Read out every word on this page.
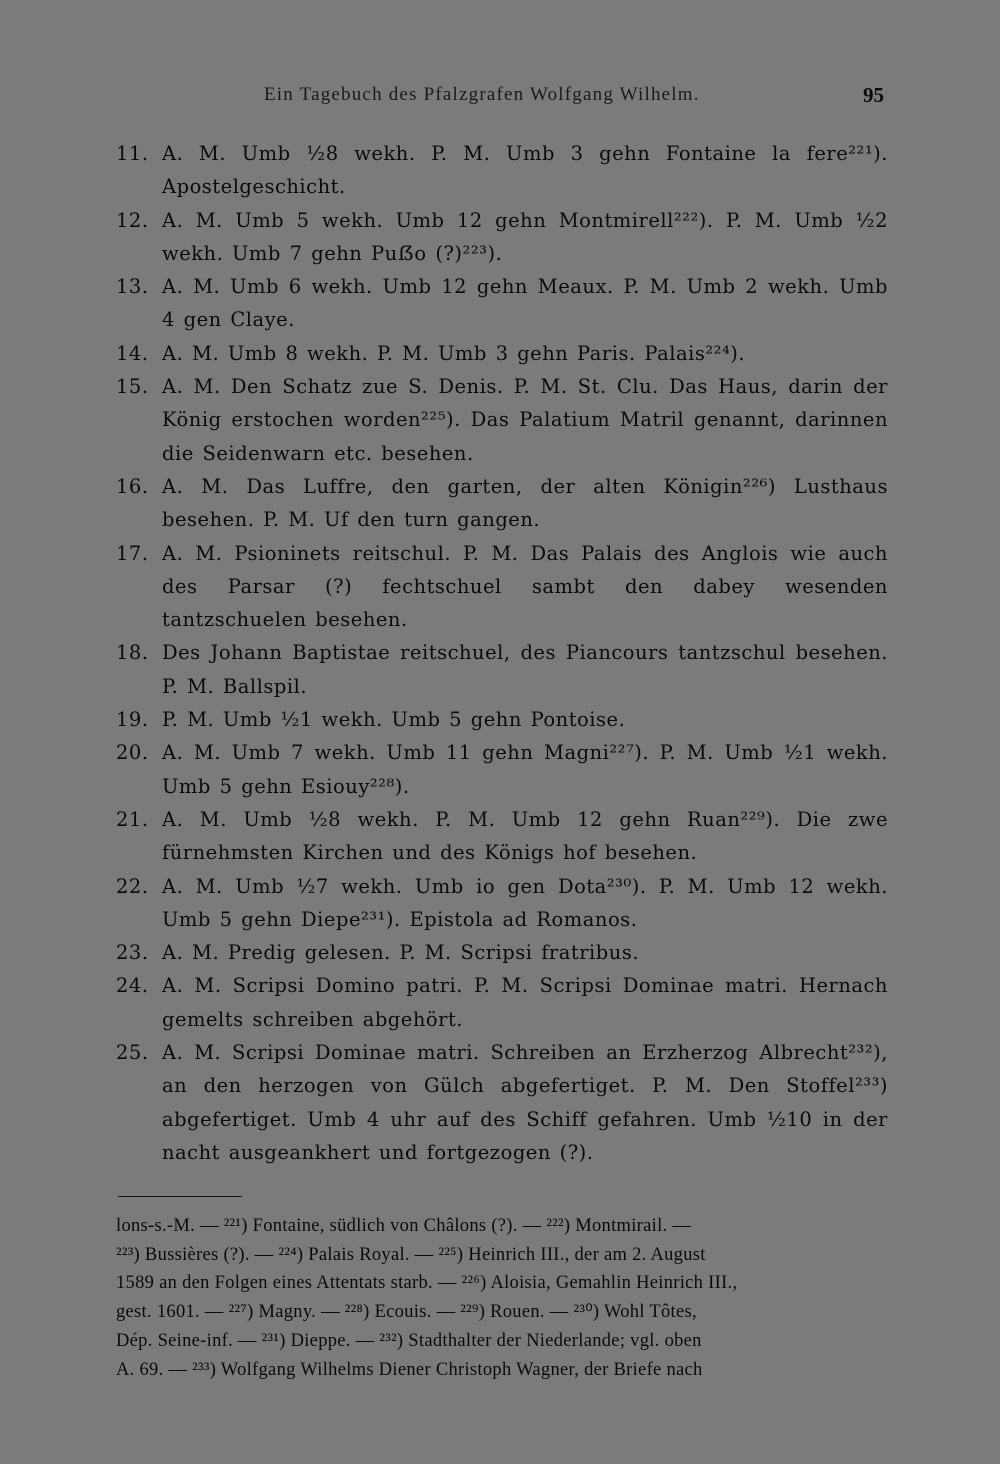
Ein Tagebuch des Pfalzgrafen Wolfgang Wilhelm.	95
11. A. M. Umb ½8 wekh. P. M. Umb 3 gehn Fontaine la fere²²¹). Apostelgeschicht.
12. A. M. Umb 5 wekh. Umb 12 gehn Montmirell²²²). P. M. Umb ½2 wekh. Umb 7 gehn Puẞo (?)²²³).
13. A. M. Umb 6 wekh. Umb 12 gehn Meaux. P. M. Umb 2 wekh. Umb 4 gen Claye.
14. A. M. Umb 8 wekh. P. M. Umb 3 gehn Paris. Palais²²⁴).
15. A. M. Den Schatz zue S. Denis. P. M. St. Clu. Das Haus, darin der König erstochen worden²²⁵). Das Palatium Matril genannt, darinnen die Seidenwarn etc. besehen.
16. A. M. Das Luffre, den garten, der alten Königin²²⁶) Lusthaus besehen. P. M. Uf den turn gangen.
17. A. M. Psioninets reitschul. P. M. Das Palais des Anglois wie auch des Parsar (?) fechtschuel sambt den dabey wesenden tantzschuelen besehen.
18. Des Johann Baptistae reitschuel, des Piancours tantzschul besehen. P. M. Ballspil.
19. P. M. Umb ½1 wekh. Umb 5 gehn Pontoise.
20. A. M. Umb 7 wekh. Umb 11 gehn Magni²²⁷). P. M. Umb ½1 wekh. Umb 5 gehn Esiouy²²⁸).
21. A. M. Umb ½8 wekh. P. M. Umb 12 gehn Ruan²²⁹). Die zwe fürnehmsten Kirchen und des Königs hof besehen.
22. A. M. Umb ½7 wekh. Umb io gen Dota²³⁰). P. M. Umb 12 wekh. Umb 5 gehn Diepe²³¹). Epistola ad Romanos.
23. A. M. Predig gelesen. P. M. Scripsi fratribus.
24. A. M. Scripsi Domino patri. P. M. Scripsi Dominae matri. Hernach gemelts schreiben abgehört.
25. A. M. Scripsi Dominae matri. Schreiben an Erzherzog Albrecht²³²), an den herzogen von Gülch abgefertiget. P. M. Den Stoffel²³³) abgefertiget. Umb 4 uhr auf des Schiff gefahren. Umb ½10 in der nacht ausgeankhert und fortgezogen (?).
lons-s.-M. — ²²¹) Fontaine, südlich von Châlons (?). — ²²²) Montmirail. —
²²³) Bussières (?). — ²²⁴) Palais Royal. — ²²⁵) Heinrich III., der am 2. August
1589 an den Folgen eines Attentats starb. — ²²⁶) Aloisia, Gemahlin Heinrich III.,
gest. 1601. — ²²⁷) Magny. — ²²⁸) Ecouis. — ²²⁹) Rouen. — ²³⁰) Wohl Tôtes,
Dép. Seine-inf. — ²³¹) Dieppe. — ²³²) Stadthalter der Niederlande; vgl. oben
A. 69. — ²³³) Wolfgang Wilhelms Diener Christoph Wagner, der Briefe nach
